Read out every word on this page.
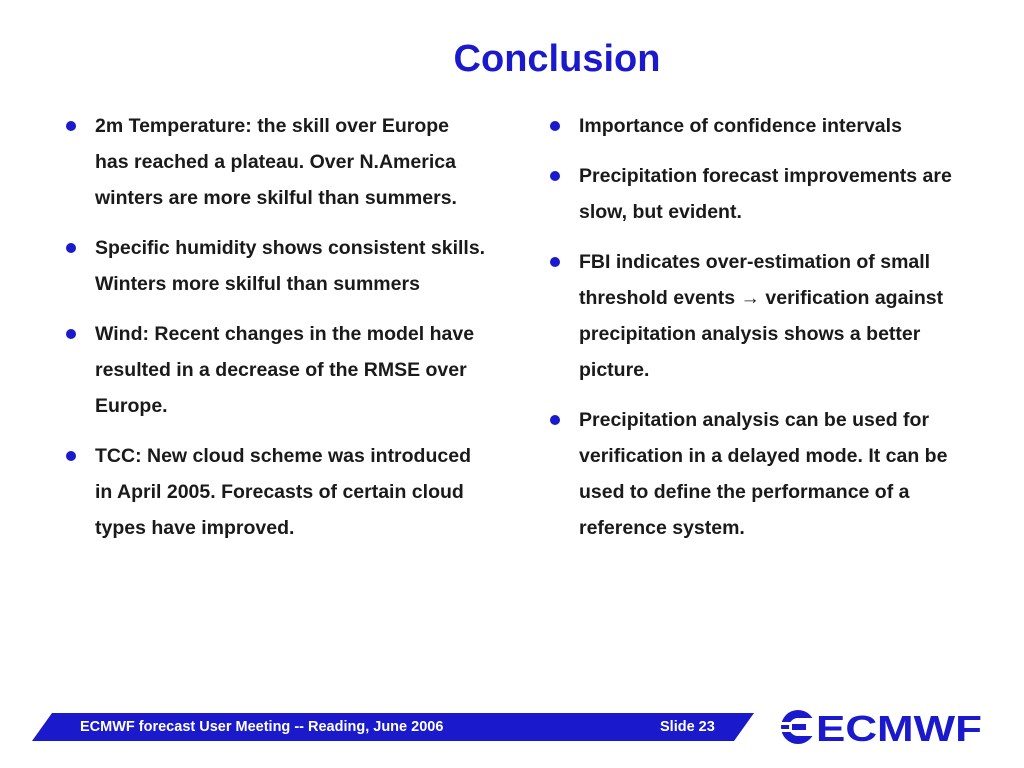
Conclusion
2m Temperature: the skill over Europe has reached a plateau. Over N.America winters are more skilful than summers.
Specific humidity shows consistent skills. Winters more skilful than summers
Wind: Recent changes in the model have resulted in a decrease of the RMSE over Europe.
TCC: New cloud scheme was introduced in April 2005. Forecasts of certain cloud types have improved.
Importance of confidence intervals
Precipitation forecast improvements are slow, but evident.
FBI indicates over-estimation of small threshold events → verification against precipitation analysis shows a better picture.
Precipitation analysis can be used for verification in a delayed mode. It can be used to define the performance of a reference system.
ECMWF forecast User Meeting -- Reading, June 2006	Slide 23	ECMWF
